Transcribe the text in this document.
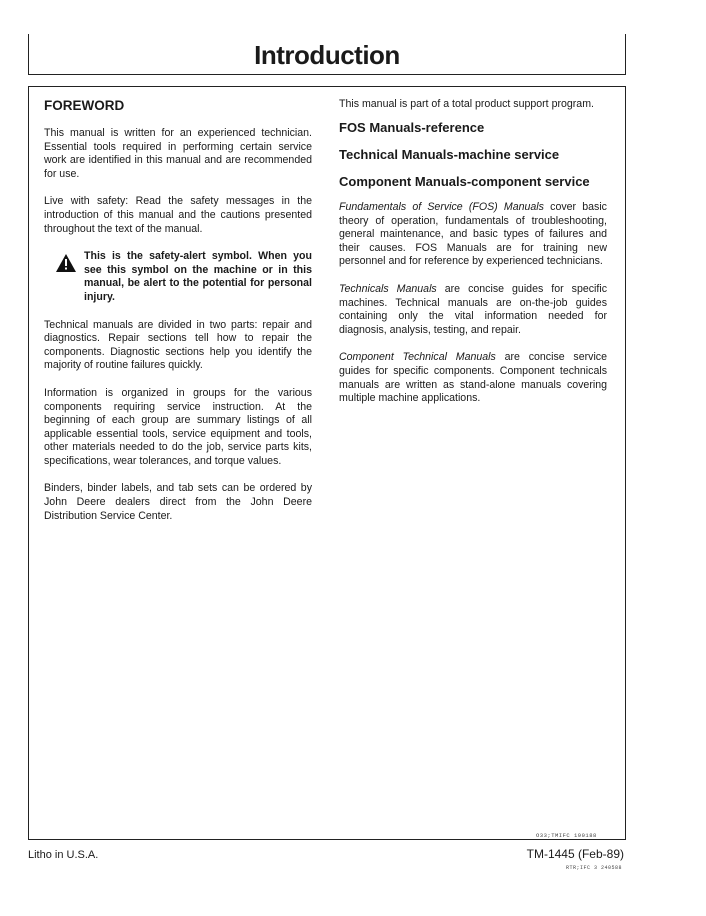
Introduction
FOREWORD

This manual is written for an experienced technician. Essential tools required in performing certain service work are identified in this manual and are recommended for use.

Live with safety: Read the safety messages in the introduction of this manual and the cautions presented throughout the text of the manual.

This is the safety-alert symbol. When you see this symbol on the machine or in this manual, be alert to the potential for personal injury.

Technical manuals are divided in two parts: repair and diagnostics. Repair sections tell how to repair the components. Diagnostic sections help you identify the majority of routine failures quickly.

Information is organized in groups for the various components requiring service instruction. At the beginning of each group are summary listings of all applicable essential tools, service equipment and tools, other materials needed to do the job, service parts kits, specifications, wear tolerances, and torque values.

Binders, binder labels, and tab sets can be ordered by John Deere dealers direct from the John Deere Distribution Service Center.

This manual is part of a total product support program.
FOS Manuals-reference
Technical Manuals-machine service
Component Manuals-component service

Fundamentals of Service (FOS) Manuals cover basic theory of operation, fundamentals of troubleshooting, general maintenance, and basic types of failures and their causes. FOS Manuals are for training new personnel and for reference by experienced technicians.

Technicals Manuals are concise guides for specific machines. Technical manuals are on-the-job guides containing only the vital information needed for diagnosis, analysis, testing, and repair.

Component Technical Manuals are concise service guides for specific components. Component technicals manuals are written as stand-alone manuals covering multiple machine applications.

O33;TMIFC 190188
Litho in U.S.A.	TM-1445 (Feb-89)
RTR;IFC 3 240588
